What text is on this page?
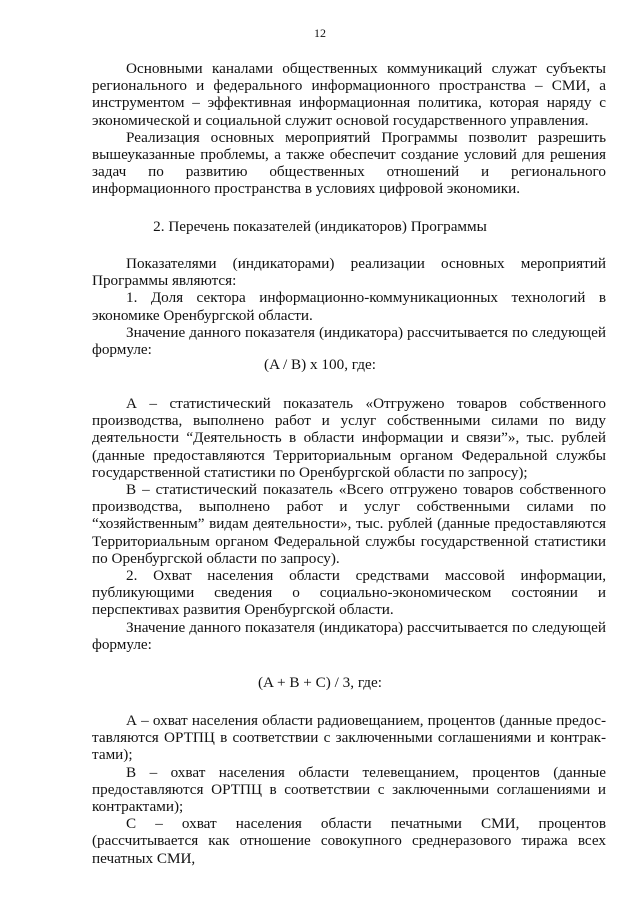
12

Основными каналами общественных коммуникаций служат субъекты регионального и федерального информационного пространства – СМИ, а инструментом – эффективная информационная политика, которая наряду с экономической и социальной служит основой государственного управления.

Реализация основных мероприятий Программы позволит разрешить вышеуказанные проблемы, а также обеспечит создание условий для решения задач по развитию общественных отношений и регионального информационного пространства в условиях цифровой экономики.

2. Перечень показателей (индикаторов) Программы

Показателями (индикаторами) реализации основных мероприятий Программы являются:

1. Доля сектора информационно-коммуникационных технологий в экономике Оренбургской области.

Значение данного показателя (индикатора) рассчитывается по следующей формуле:

(A / B) x 100, где:

А – статистический показатель «Отгружено товаров собственного производства, выполнено работ и услуг собственными силами по виду деятельности “Деятельность в области информации и связи”», тыс. рублей (данные предоставляются Территориальным органом Федеральной службы государственной статистики по Оренбургской области по запросу);

В – статистический показатель «Всего отгружено товаров собственного производства, выполнено работ и услуг собственными силами по “хозяйственным” видам деятельности», тыс. рублей (данные предоставляются Территориальным органом Федеральной службы государственной статистики по Оренбургской области по запросу).

2. Охват населения области средствами массовой информации, публикующими сведения о социально-экономическом состоянии и перспективах развития Оренбургской области.

Значение данного показателя (индикатора) рассчитывается по следующей формуле:

(A + B + C) / 3, где:

А – охват населения области радиовещанием, процентов (данные предос-тавляются ОРТПЦ в соответствии с заключенными соглашениями и контрак-тами);

В – охват населения области телевещанием, процентов (данные предоставляются ОРТПЦ в соответствии с заключенными соглашениями и контрактами);

С – охват населения области печатными СМИ, процентов (рассчитывается как отношение совокупного среднеразового тиража всех печатных СМИ,
